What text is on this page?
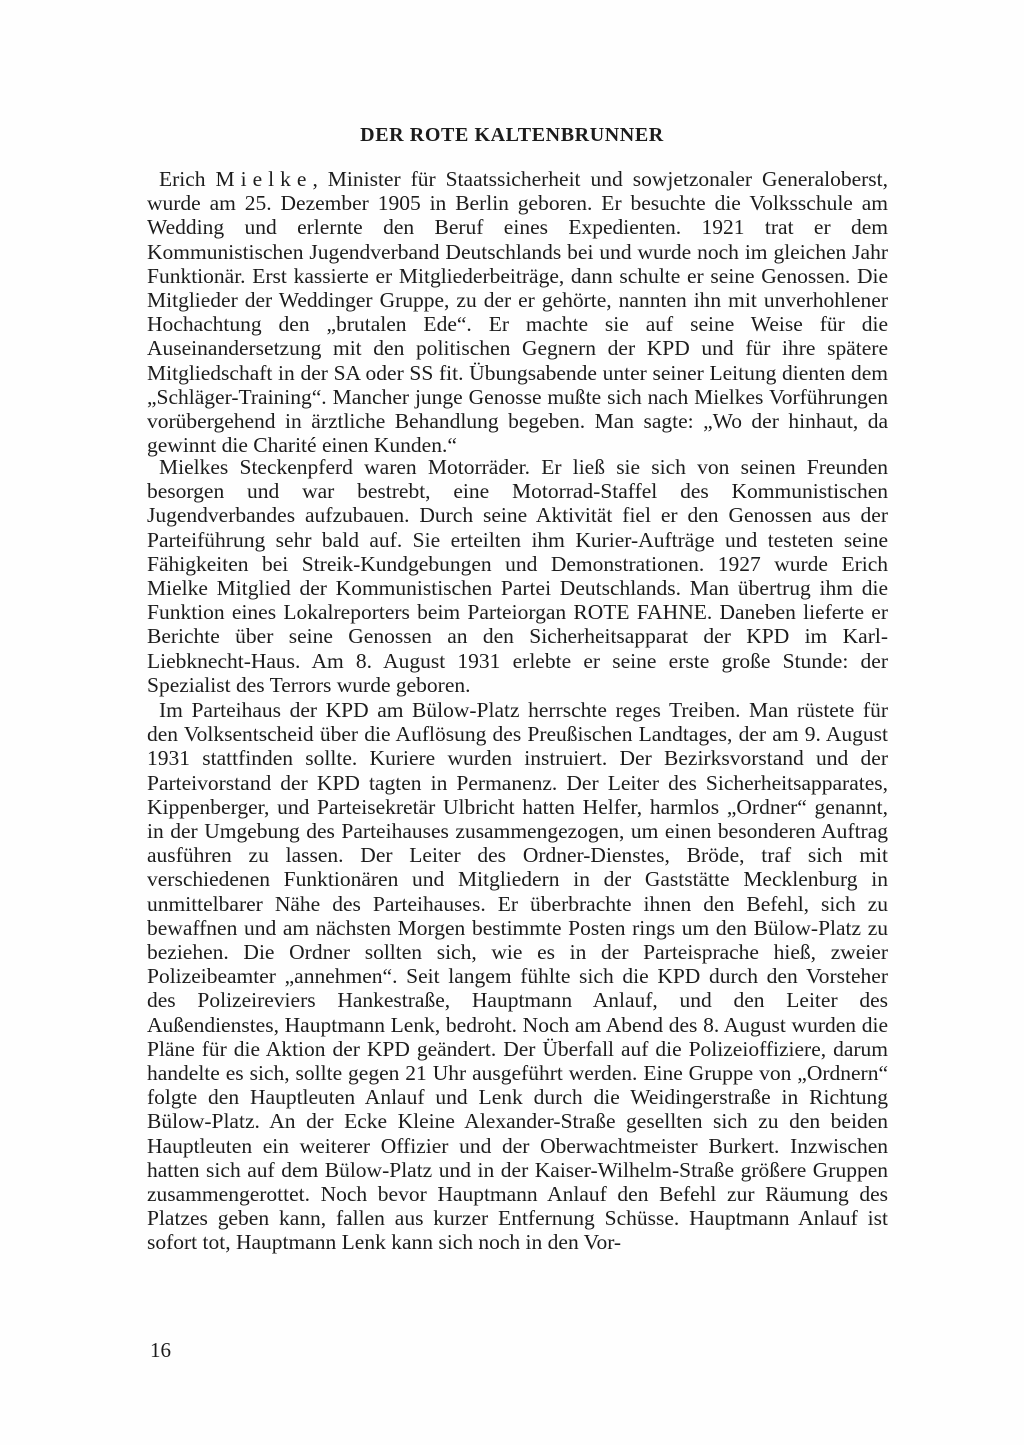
DER ROTE KALTENBRUNNER

Erich Mielke, Minister für Staatssicherheit und sowjetzonaler Generaloberst, wurde am 25. Dezember 1905 in Berlin geboren. Er besuchte die Volksschule am Wedding und erlernte den Beruf eines Expedienten. 1921 trat er dem Kommunistischen Jugendverband Deutschlands bei und wurde noch im gleichen Jahr Funktionär. Erst kassierte er Mitgliederbeiträge, dann schulte er seine Genossen. Die Mitglieder der Weddinger Gruppe, zu der er gehörte, nannten ihn mit unverhohlener Hochachtung den „brutalen Ede“. Er machte sie auf seine Weise für die Auseinandersetzung mit den politischen Gegnern der KPD und für ihre spätere Mitgliedschaft in der SA oder SS fit. Übungsabende unter seiner Leitung dienten dem „Schläger-Training“. Mancher junge Genosse mußte sich nach Mielkes Vorführungen vorübergehend in ärztliche Behandlung begeben. Man sagte: „Wo der hinhaut, da gewinnt die Charité einen Kunden.“

Mielkes Steckenpferd waren Motorräder. Er ließ sie sich von seinen Freunden besorgen und war bestrebt, eine Motorrad-Staffel des Kommunistischen Jugendverbandes aufzubauen. Durch seine Aktivität fiel er den Genossen aus der Parteiführung sehr bald auf. Sie erteilten ihm Kurier-Aufträge und testeten seine Fähigkeiten bei Streik-Kundgebungen und Demonstrationen. 1927 wurde Erich Mielke Mitglied der Kommunistischen Partei Deutschlands. Man übertrug ihm die Funktion eines Lokalreporters beim Parteiorgan ROTE FAHNE. Daneben lieferte er Berichte über seine Genossen an den Sicherheitsapparat der KPD im Karl-Liebknecht-Haus. Am 8. August 1931 erlebte er seine erste große Stunde: der Spezialist des Terrors wurde geboren.

Im Parteihaus der KPD am Bülow-Platz herrschte reges Treiben. Man rüstete für den Volksentscheid über die Auflösung des Preußischen Landtages, der am 9. August 1931 stattfinden sollte. Kuriere wurden instruiert. Der Bezirksvorstand und der Parteivorstand der KPD tagten in Permanenz. Der Leiter des Sicherheitsapparates, Kippenberger, und Parteisekretär Ulbricht hatten Helfer, harmlos „Ordner“ genannt, in der Umgebung des Parteihauses zusammengezogen, um einen besonderen Auftrag ausführen zu lassen. Der Leiter des Ordner-Dienstes, Bröde, traf sich mit verschiedenen Funktionären und Mitgliedern in der Gaststätte Mecklenburg in unmittelbarer Nähe des Parteihauses. Er überbrachte ihnen den Befehl, sich zu bewaffnen und am nächsten Morgen bestimmte Posten rings um den Bülow-Platz zu beziehen. Die Ordner sollten sich, wie es in der Parteisprache hieß, zweier Polizeibeamter „annehmen“. Seit langem fühlte sich die KPD durch den Vorsteher des Polizeireviers Hankestraße, Hauptmann Anlauf, und den Leiter des Außendienstes, Hauptmann Lenk, bedroht. Noch am Abend des 8. August wurden die Pläne für die Aktion der KPD geändert. Der Überfall auf die Polizeioffiziere, darum handelte es sich, sollte gegen 21 Uhr ausgeführt werden. Eine Gruppe von „Ordnern“ folgte den Hauptleuten Anlauf und Lenk durch die Weidingerstraße in Richtung Bülow-Platz. An der Ecke Kleine Alexander-Straße gesellten sich zu den beiden Hauptleuten ein weiterer Offizier und der Oberwachtmeister Burkert. Inzwischen hatten sich auf dem Bülow-Platz und in der Kaiser-Wilhelm-Straße größere Gruppen zusammengerottet. Noch bevor Hauptmann Anlauf den Befehl zur Räumung des Platzes geben kann, fallen aus kurzer Entfernung Schüsse. Hauptmann Anlauf ist sofort tot, Hauptmann Lenk kann sich noch in den Vor-

16
